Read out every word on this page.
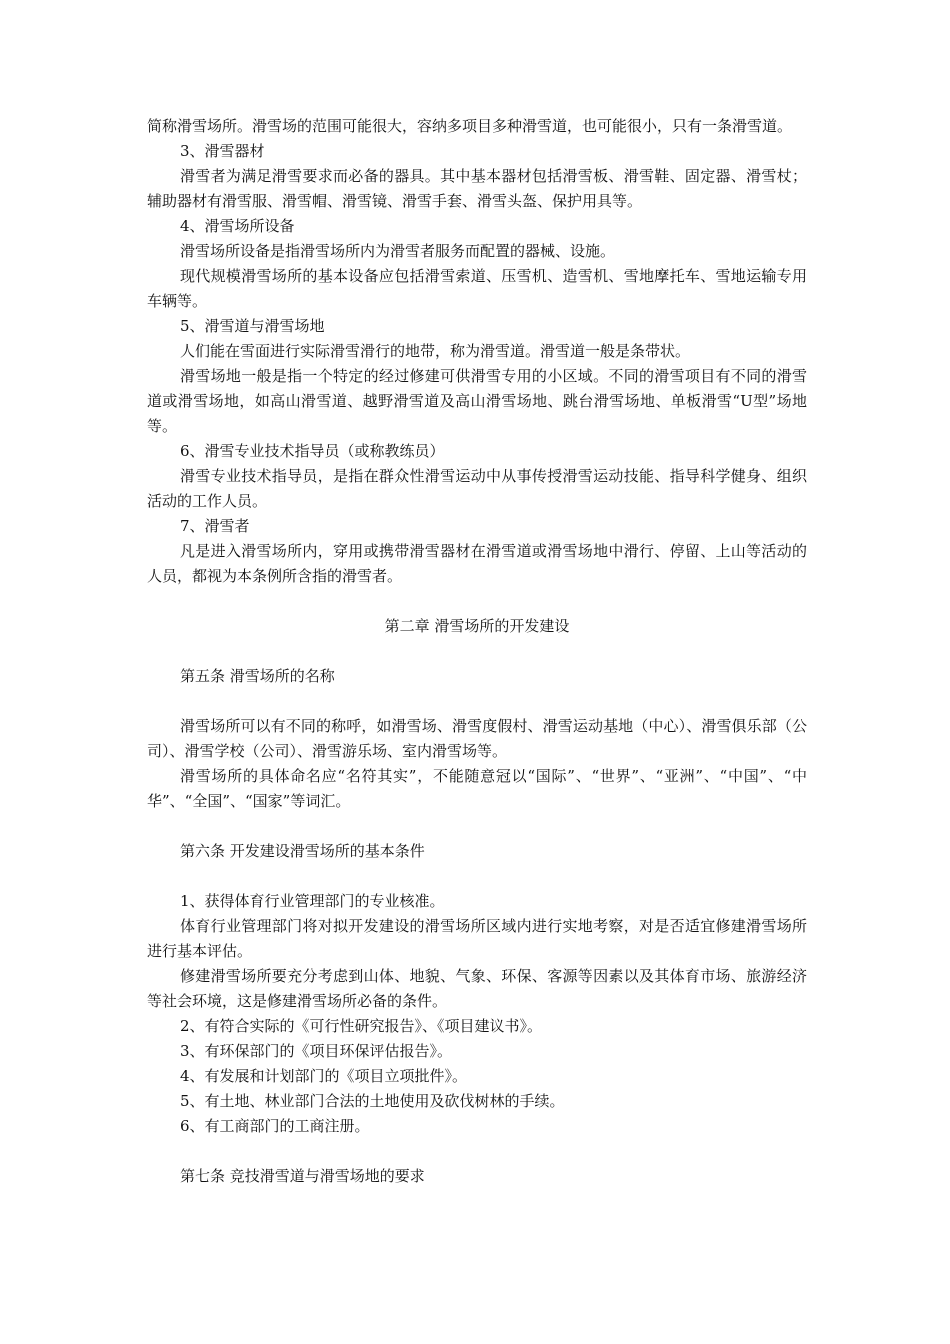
简称滑雪场所。滑雪场的范围可能很大，容纳多项目多种滑雪道，也可能很小，只有一条滑雪道。

3、滑雪器材

滑雪者为满足滑雪要求而必备的器具。其中基本器材包括滑雪板、滑雪鞋、固定器、滑雪杖；辅助器材有滑雪服、滑雪帽、滑雪镜、滑雪手套、滑雪头盔、保护用具等。

4、滑雪场所设备

滑雪场所设备是指滑雪场所内为滑雪者服务而配置的器械、设施。

现代规模滑雪场所的基本设备应包括滑雪索道、压雪机、造雪机、雪地摩托车、雪地运输专用车辆等。

5、滑雪道与滑雪场地

人们能在雪面进行实际滑雪滑行的地带，称为滑雪道。滑雪道一般是条带状。

滑雪场地一般是指一个特定的经过修建可供滑雪专用的小区域。不同的滑雪项目有不同的滑雪道或滑雪场地，如高山滑雪道、越野滑雪道及高山滑雪场地、跳台滑雪场地、单板滑雪“U型”场地等。

6、滑雪专业技术指导员（或称教练员）

滑雪专业技术指导员，是指在群众性滑雪运动中从事传授滑雪运动技能、指导科学健身、组织活动的工作人员。

7、滑雪者

凡是进入滑雪场所内，穿用或携带滑雪器材在滑雪道或滑雪场地中滑行、停留、上山等活动的人员，都视为本条例所含指的滑雪者。

第二章 滑雪场所的开发建设

第五条 滑雪场所的名称

滑雪场所可以有不同的称呼，如滑雪场、滑雪度假村、滑雪运动基地（中心）、滑雪俱乐部（公司）、滑雪学校（公司）、滑雪游乐场、室内滑雪场等。

滑雪场所的具体命名应“名符其实”，不能随意冠以“国际”、“世界”、“亚洲”、“中国”、“中华”、“全国”、“国家”等词汇。

第六条 开发建设滑雪场所的基本条件

1、获得体育行业管理部门的专业核准。

体育行业管理部门将对拟开发建设的滑雪场所区域内进行实地考察，对是否适宜修建滑雪场所进行基本评估。

修建滑雪场所要充分考虑到山体、地貌、气象、环保、客源等因素以及其体育市场、旅游经济等社会环境，这是修建滑雪场所必备的条件。

2、有符合实际的《可行性研究报告》、《项目建议书》。

3、有环保部门的《项目环保评估报告》。

4、有发展和计划部门的《项目立项批件》。

5、有土地、林业部门合法的土地使用及砍伐树林的手续。

6、有工商部门的工商注册。

第七条 竞技滑雪道与滑雪场地的要求
